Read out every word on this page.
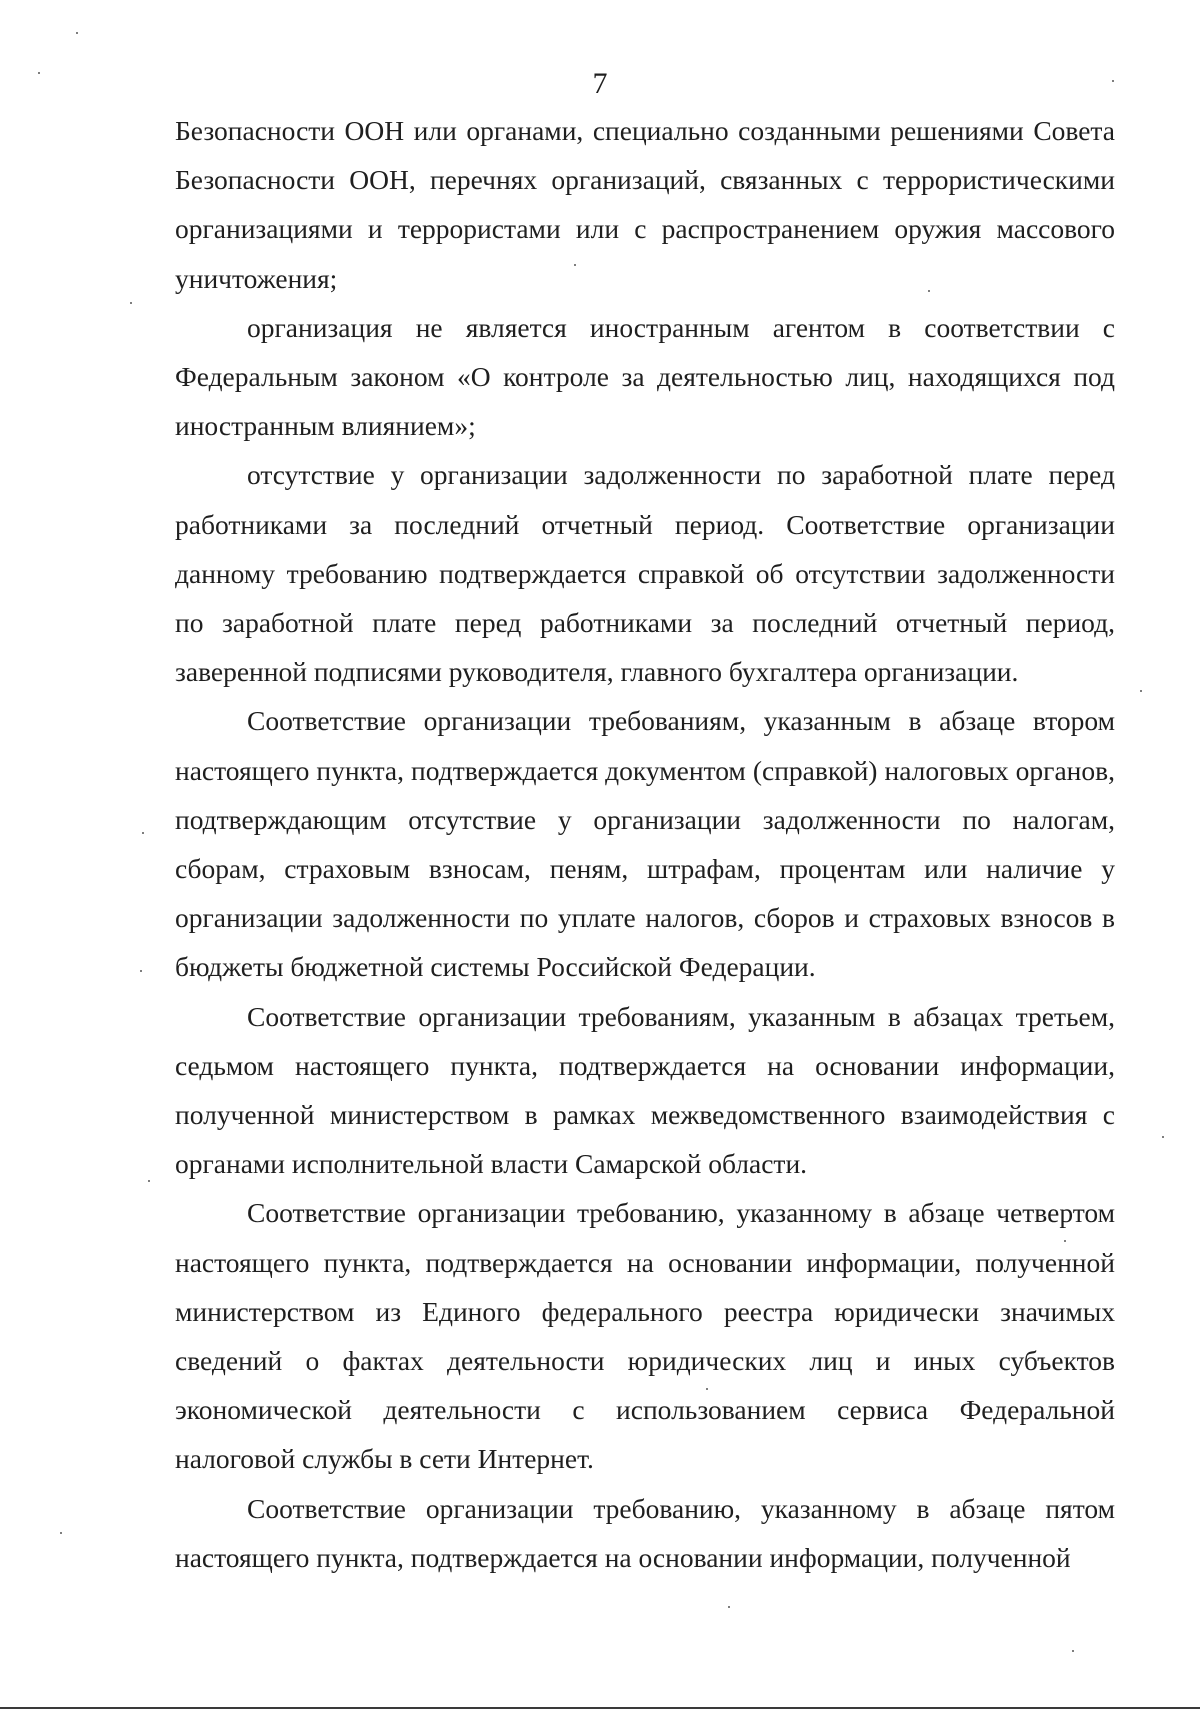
7

Безопасности ООН или органами, специально созданными решениями Совета Безопасности ООН, перечнях организаций, связанных с террористическими организациями и террористами или с распространением оружия массового уничтожения;

организация не является иностранным агентом в соответствии с Федеральным законом «О контроле за деятельностью лиц, находящихся под иностранным влиянием»;

отсутствие у организации задолженности по заработной плате перед работниками за последний отчетный период. Соответствие организации данному требованию подтверждается справкой об отсутствии задолженности по заработной плате перед работниками за последний отчетный период, заверенной подписями руководителя, главного бухгалтера организации.

Соответствие организации требованиям, указанным в абзаце втором настоящего пункта, подтверждается документом (справкой) налоговых органов, подтверждающим отсутствие у организации задолженности по налогам, сборам, страховым взносам, пеням, штрафам, процентам или наличие у организации задолженности по уплате налогов, сборов и страховых взносов в бюджеты бюджетной системы Российской Федерации.

Соответствие организации требованиям, указанным в абзацах третьем, седьмом настоящего пункта, подтверждается на основании информации, полученной министерством в рамках межведомственного взаимодействия с органами исполнительной власти Самарской области.

Соответствие организации требованию, указанному в абзаце четвертом настоящего пункта, подтверждается на основании информации, полученной министерством из Единого федерального реестра юридически значимых сведений о фактах деятельности юридических лиц и иных субъектов экономической деятельности с использованием сервиса Федеральной налоговой службы в сети Интернет.

Соответствие организации требованию, указанному в абзаце пятом настоящего пункта, подтверждается на основании информации, полученной
